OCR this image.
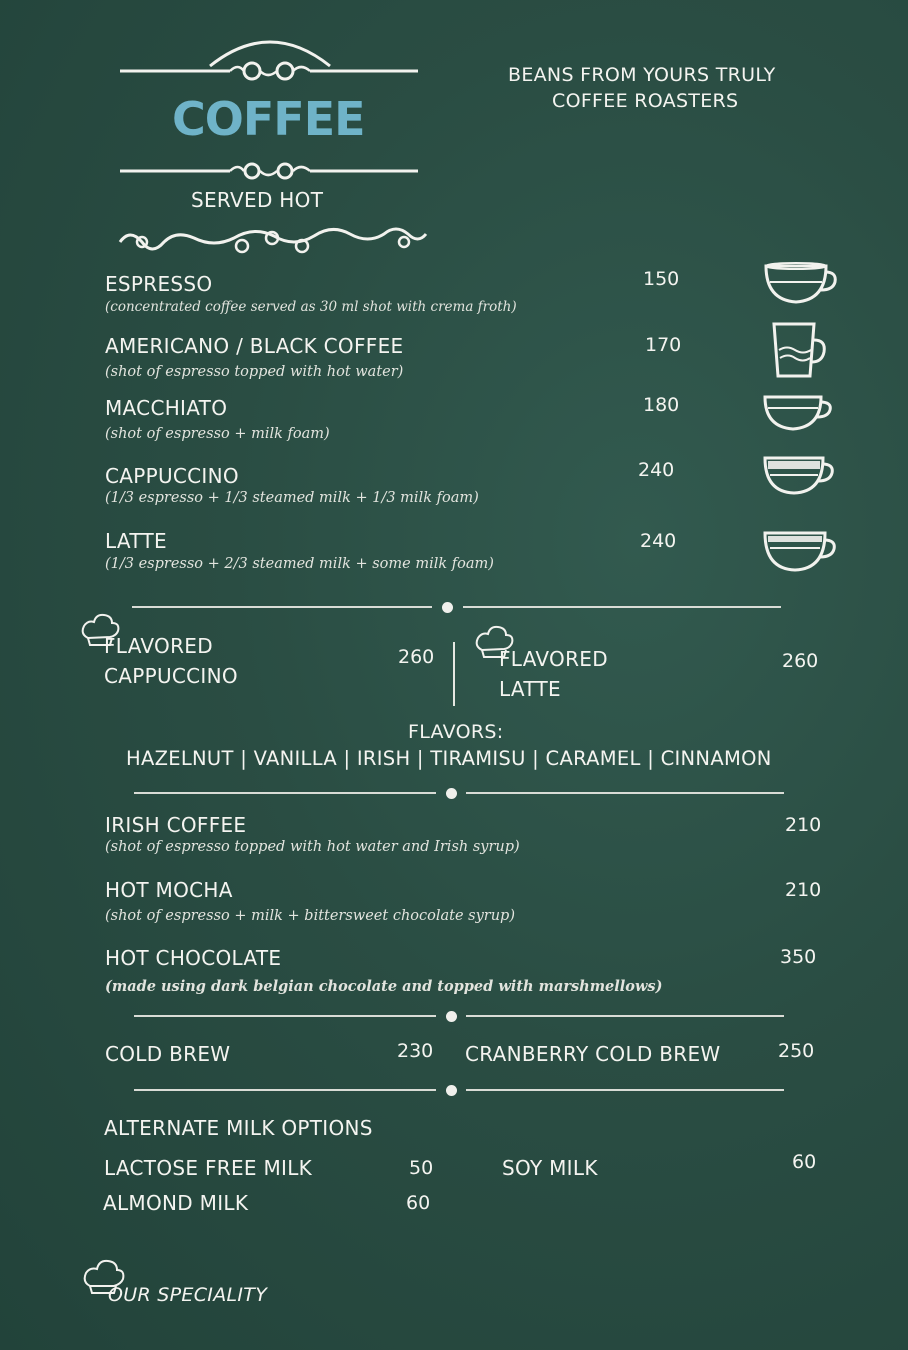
COFFEE
SERVED HOT
BEANS FROM YOURS TRULY
COFFEE ROASTERS
ESPRESSO
(concentrated coffee served as 30 ml shot with crema froth)
150
AMERICANO / BLACK COFFEE
(shot of espresso topped with hot water)
170
MACCHIATO
(shot of espresso + milk foam)
180
CAPPUCCINO
(1/3 espresso + 1/3 steamed milk + 1/3 milk foam)
240
LATTE
(1/3 espresso + 2/3 steamed milk + some milk foam)
240
FLAVORED
CAPPUCCINO
260	FLAVORED
LATTE
260
FLAVORS:
HAZELNUT | VANILLA | IRISH | TIRAMISU | CARAMEL | CINNAMON
IRISH COFFEE
(shot of espresso topped with hot water and Irish syrup)
210
HOT MOCHA
(shot of espresso + milk + bittersweet chocolate syrup)
210
HOT CHOCOLATE
(made using dark belgian chocolate and topped with marshmellows)
350
COLD BREW	230 CRANBERRY COLD BREW	250
ALTERNATE MILK OPTIONS
LACTOSE FREE MILK	50
ALMOND MILK	60
SOY MILK	60
OUR SPECIALITY
